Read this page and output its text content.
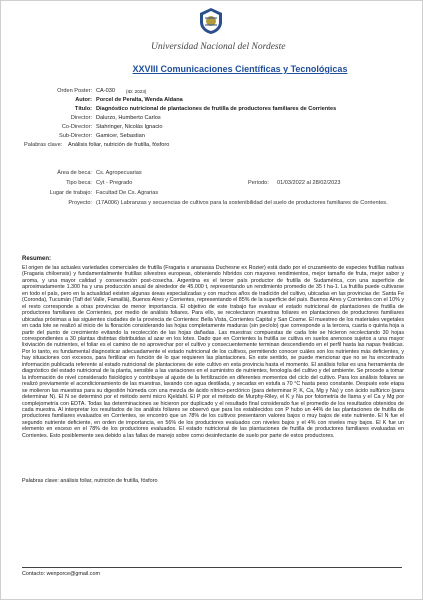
Universidad Nacional del Nordeste
XXVIII Comunicaciones Científicas y Tecnológicas
Orden Poster: CA-030 (ID: 2023)
Autor: Porcel de Peralta, Wenda Aldana
Título: Diagnóstico nutricional de plantaciones de frutilla de productores familiares de Corrientes
Director: Dalurzo, Humberto Carlos
Co-Director: Stahringer, Nicolás Ignacio
Sub-Director: Gamicer, Sebastian
Palabras clave:	Análisis foliar, nutrición de frutilla, fósforo
Área de beca: Cs. Agropecuarias
Tipo beca: Cyt - Pregrado	Periodo: 01/03/2022 al 28/02/2023
Lugar de trabajo: Facultad De Cs. Agrarias
Proyecto: (17A006) Labranzas y secuencias de cultivos para la sostenibilidad del suelo de productores familiares de Corrientes.
Resumen:
El origen de las actuales variedades comerciales de frutilla (Fragaria x ananassa Duchesne ex Rozier) está dado por el cruzamiento de especies frutillas nativas (Fragaria chiloensis) y fundamentalmente frutillas silvestres europeas, obteniendo híbridos con mayores rendimientos, mejor tamaño de fruta, mejor sabor y aroma, y una mayor calidad y conservación post-cosecha. Argentina es el tercer país productor de frutilla de Sudamérica, con una superficie de aproximadamente 1.300 ha y una producción anual de alrededor de 45.000 t, representando un rendimiento promedio de 35 t ha-1. La frutilla puede cultivarse en todo el país, pero en la actualidad existen algunas áreas especializadas y con muchos años de tradición del cultivo, ubicadas en las provincias de: Santa Fe (Coronda), Tucumán (Tafí del Valle, Famaillá), Buenos Aires y Corrientes, representando el 85% de la superficie del país. Buenos Aires y Corrientes con el 10% y el resto corresponde a otras provincias de menor importancia. El objetivo de este trabajo fue evaluar el estado nutricional de plantaciones de frutilla de productores familiares de Corrientes, por medio de análisis foliares. Para ello, se recolectaron muestras foliares en plantaciones de productores familiares ubicadas próximas a las siguientes ciudades de la provincia de Corrientes: Bella Vista, Corrientes Capital y San Cosme. El muestreo de los materiales vegetales en cada lote se realizó al inicio de la floración considerando las hojas completamente maduras (sin pecíolo) que corresponde a la tercera, cuarta o quinta hoja a partir del punto de crecimiento evitando la recolección de las hojas dañadas. Las muestras compuestas de cada lote se hicieron recolectando 30 hojas correspondientes a 30 plantas distintas distribuidas al azar en los lotes. Dado que en Corrientes la frutilla se cultiva en suelos arenosos sujetos a una mayor lixiviación de nutrientes, el foliar es el camino de no aprovechar por el cultivo y consecuentemente terminan descendiendo en el perfil hasta las napas freáticas. Por lo tanto, es fundamental diagnosticar adecuadamente el estado nutricional de los cultivos, permitiendo conocer cuáles son los nutrientes más deficientes, y hay situaciones con excesos, para fertilizar en función de lo que requieren las plantaciones. En este sentido, se puede mencionar que no se ha encontrado información publicada referente al estado nutricional de plantaciones de este cultivo en esta provincia hasta el momento. El análisis foliar es una herramienta de diagnóstico del estado nutricional de la planta, sensible a las variaciones en el suministro de nutrientes, fenología del cultivo y del ambiente. Se procede a tomar la información de nivel considerado fisiológico y contribuye al ajuste de la fertilización en diferentes momentos del ciclo del cultivo. Para los análisis foliares se realizó previamente el acondicionamiento de las muestras, lavando con agua destilada, y secadas en estufa a 70 °C hasta peso constante. Después este etapa se molieron las muestras para su digestión húmeda con una mezcla de ácido nítrico-perclórico (para determinar P, K, Ca, Mg y Na) y con ácido sulfúrico (para determinar N). El N se determinó por el método semi micro Kjeldahl. El P por el método de Murphy-Riley, el K y Na por fotometría de llama y el Ca y Mg por complejometría con EDTA. Todas las determinaciones se hicieron por duplicado y el resultado final considerado fue el promedio de los resultados obtenidos de cada muestra. Al interpretar los resultados de los análisis foliares se observó que para los establecidos con P hubo un 44% de las plantaciones de frutilla de productores familiares evaluados en Corrientes, se encontró que un 78% de los cultivos presentaron valores bajos o muy bajos de este nutriente. El N fue el segundo nutriente deficiente, en orden de importancia, en 56% de los productores evaluados con niveles bajos y el 4% con niveles muy bajos. El K fue un elemento en exceso en el 78% de los productores evaluados. El estado nutricional de las plantaciones de frutilla de productores familiares evaluadas en Corrientes. Esto posiblemente sea debido a las fallas de manejo sobre como desinfectante de suelo por parte de estos productores.
Palabras clave: análisis foliar, nutrición de frutilla, fósforo
Contacto: wenporce@gmail.com
